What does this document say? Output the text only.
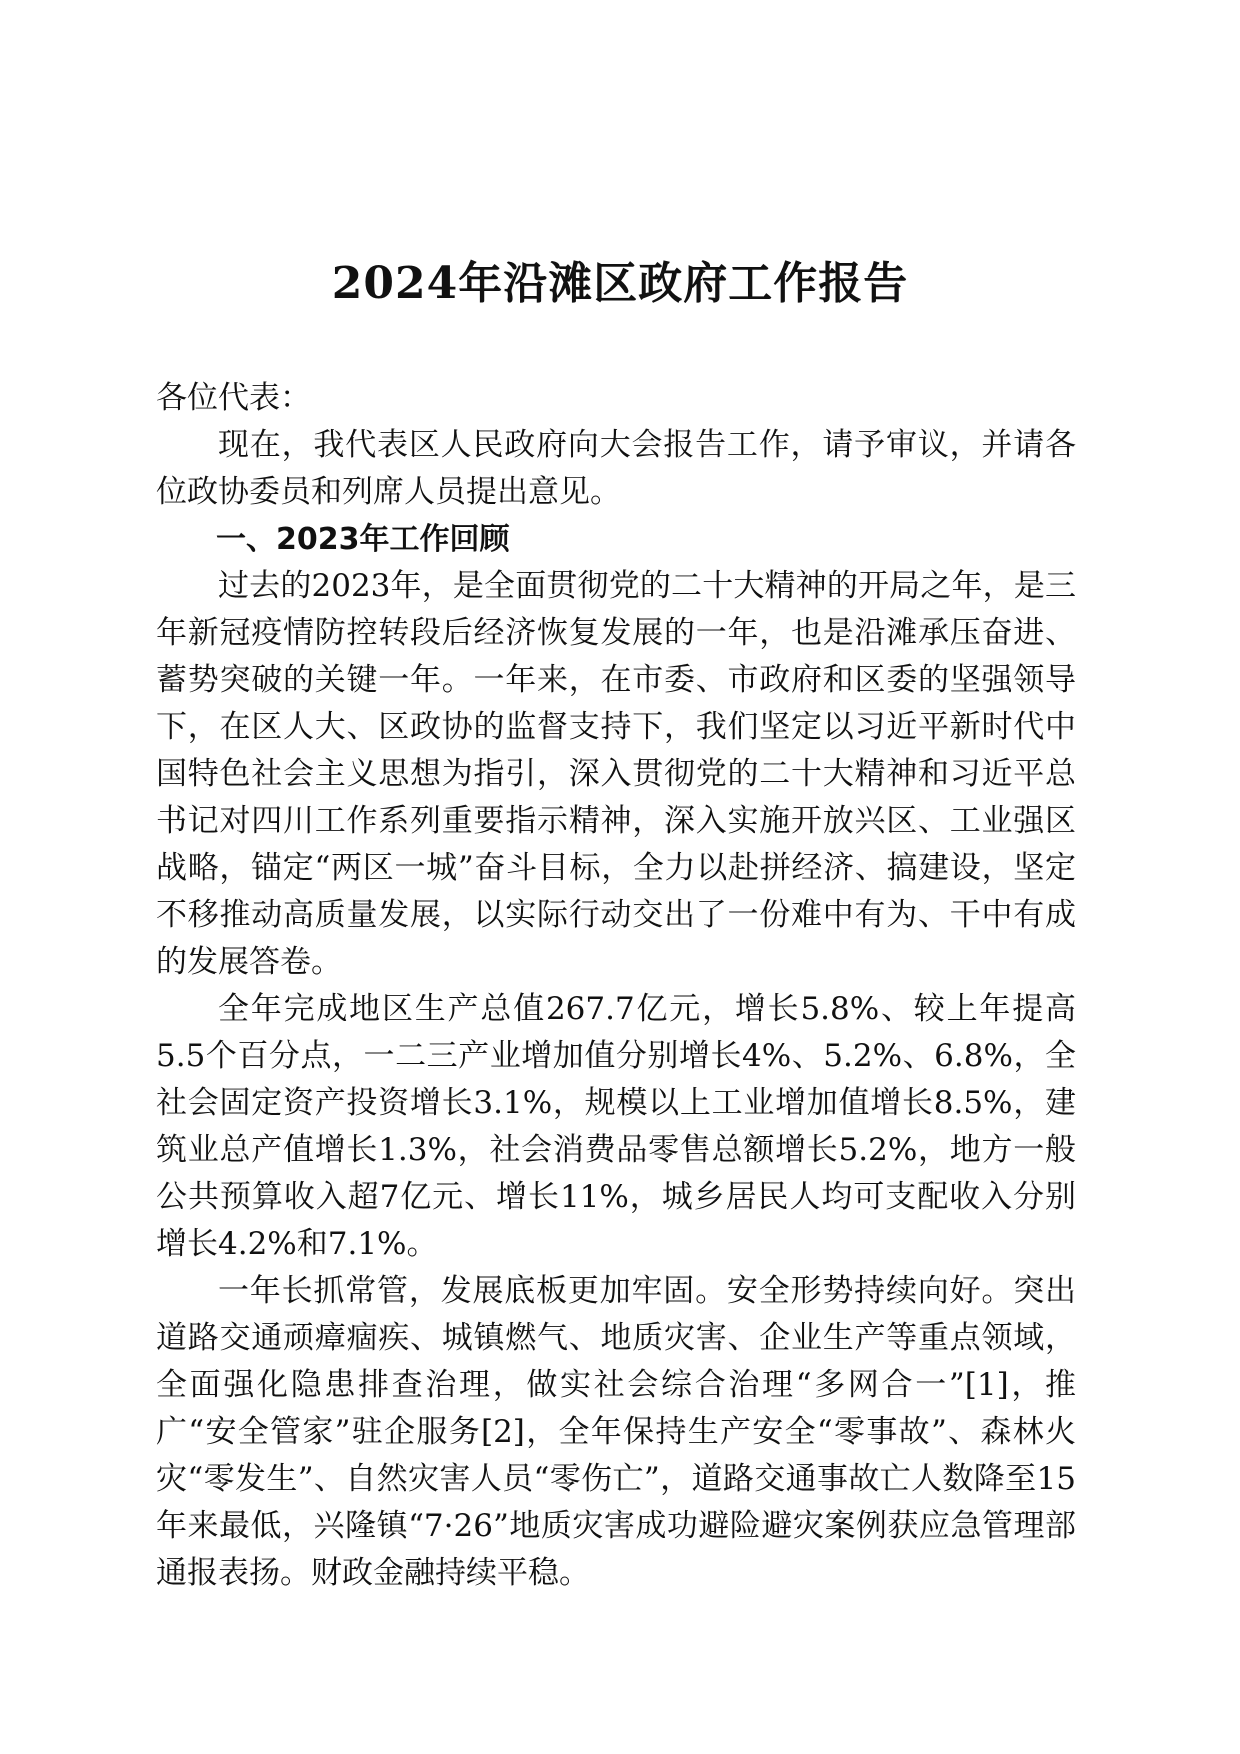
2024年沿滩区政府工作报告

各位代表：

现在，我代表区人民政府向大会报告工作，请予审议，并请各位政协委员和列席人员提出意见。

一、2023年工作回顾

过去的2023年，是全面贯彻党的二十大精神的开局之年，是三年新冠疫情防控转段后经济恢复发展的一年，也是沿滩承压奋进、蓄势突破的关键一年。一年来，在市委、市政府和区委的坚强领导下，在区人大、区政协的监督支持下，我们坚定以习近平新时代中国特色社会主义思想为指引，深入贯彻党的二十大精神和习近平总书记对四川工作系列重要指示精神，深入实施开放兴区、工业强区战略，锚定“两区一城”奋斗目标，全力以赴拼经济、搞建设，坚定不移推动高质量发展，以实际行动交出了一份难中有为、干中有成的发展答卷。

全年完成地区生产总值267.7亿元，增长5.8%、较上年提高5.5个百分点，一二三产业增加值分别增长4%、5.2%、6.8%，全社会固定资产投资增长3.1%，规模以上工业增加值增长8.5%，建筑业总产值增长1.3%，社会消费品零售总额增长5.2%，地方一般公共预算收入超7亿元、增长11%，城乡居民人均可支配收入分别增长4.2%和7.1%。

一年长抓常管，发展底板更加牢固。安全形势持续向好。突出道路交通顽瘴痼疾、城镇燃气、地质灾害、企业生产等重点领域，全面强化隐患排查治理，做实社会综合治理“多网合一”[1]，推广“安全管家”驻企服务[2]，全年保持生产安全“零事故”、森林火灾“零发生”、自然灾害人员“零伤亡”，道路交通事故亡人数降至15年来最低，兴隆镇“7·26”地质灾害成功避险避灾案例获应急管理部通报表扬。财政金融持续平稳。
